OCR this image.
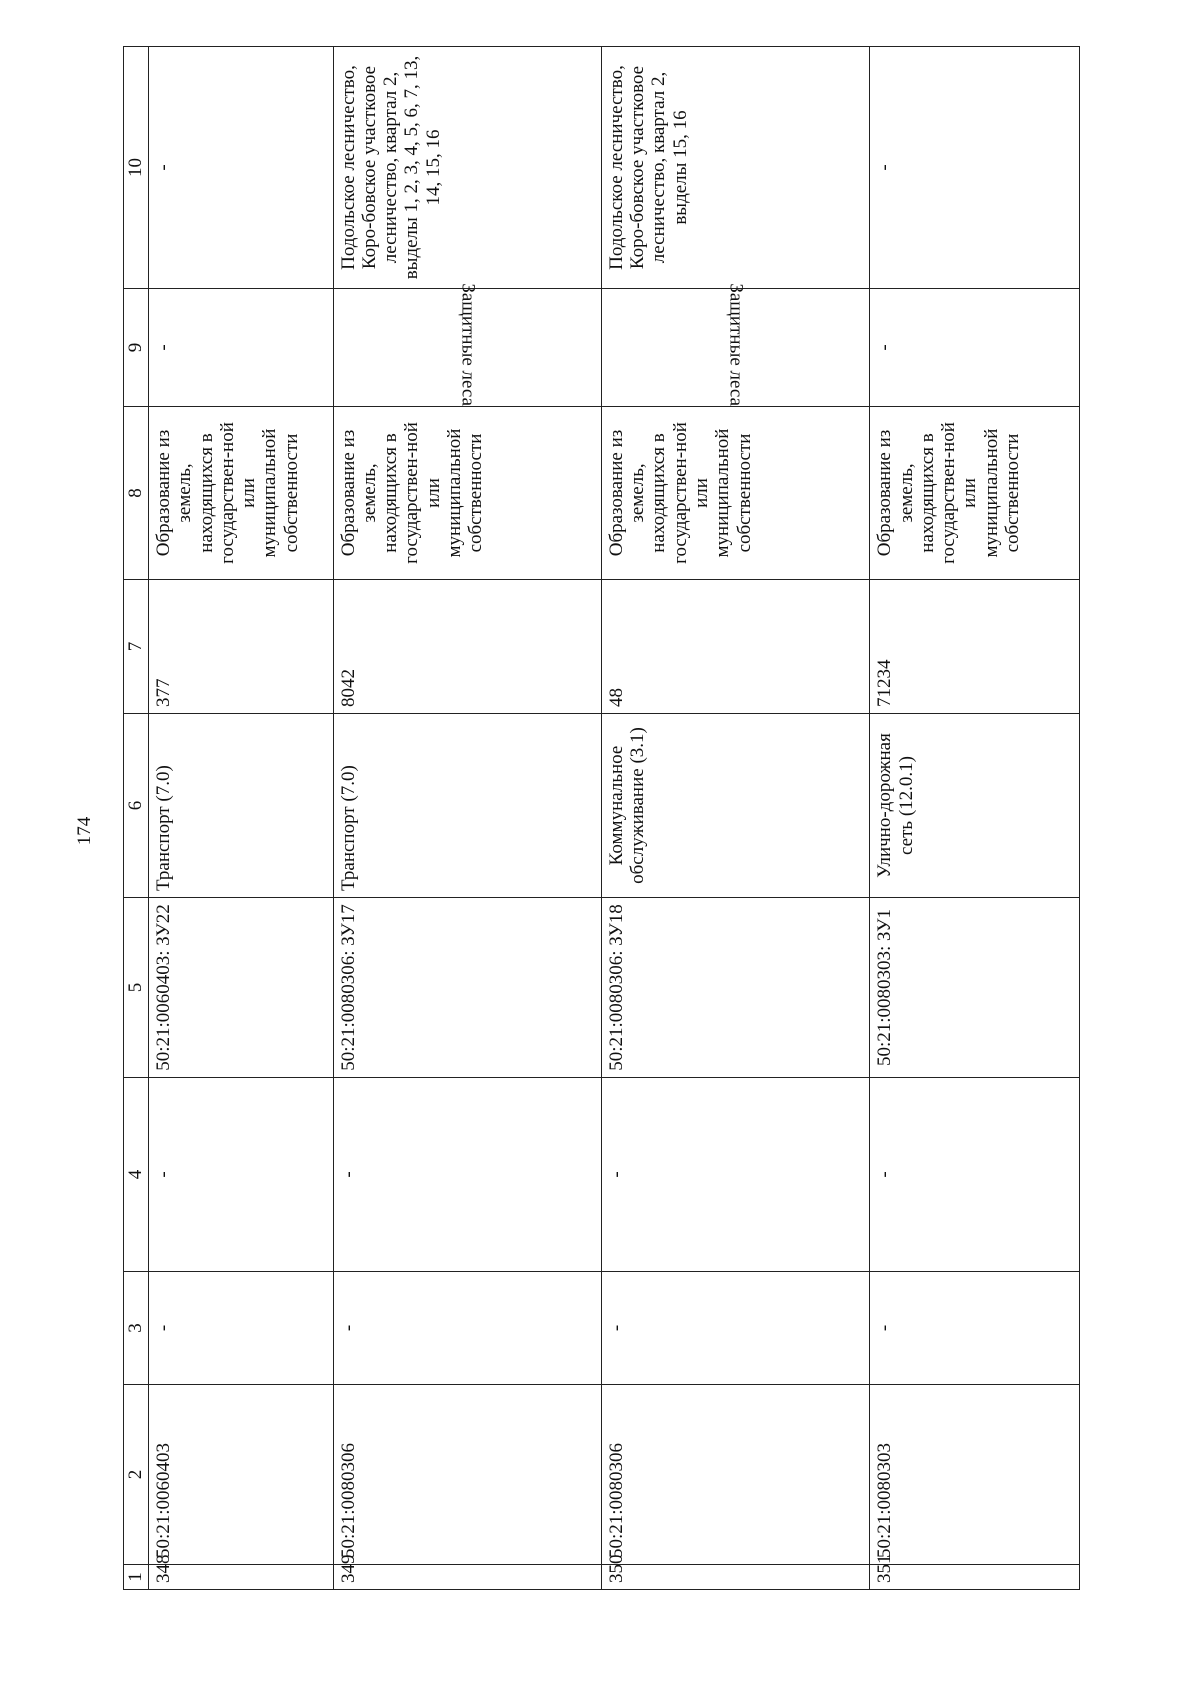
174
1	2	3	4	5	6	7	8	9	10
348	50:21:0060403	-	-	50:21:0060403: ЗУ22	Транспорт (7.0)	377	Образование из земель, находящихся в государствен-ной или муниципальной собственности	-	-
349	50:21:0080306	-	-	50:21:0080306: ЗУ17	Транспорт (7.0)	8042	Образование из земель, находящихся в государствен-ной или муниципальной собственности	Защитные леса	Подольское лесничество, Коро-бовское участковое лесничество, квартал 2, выделы 1, 2, 3, 4, 5, 6, 7, 13, 14, 15, 16
350	50:21:0080306	-	-	50:21:0080306: ЗУ18	Коммунальное обслуживание (3.1)	48	Образование из земель, находящихся в государствен-ной или муниципальной собственности	Защитные леса	Подольское лесничество, Коро-бовское участковое лесничество, квартал 2, выделы 15, 16
351	50:21:0080303	-	-	50:21:0080303: ЗУ1	Улично-дорожная сеть (12.0.1)	71234	Образование из земель, находящихся в государствен-ной или муниципальной собственности	-	-
